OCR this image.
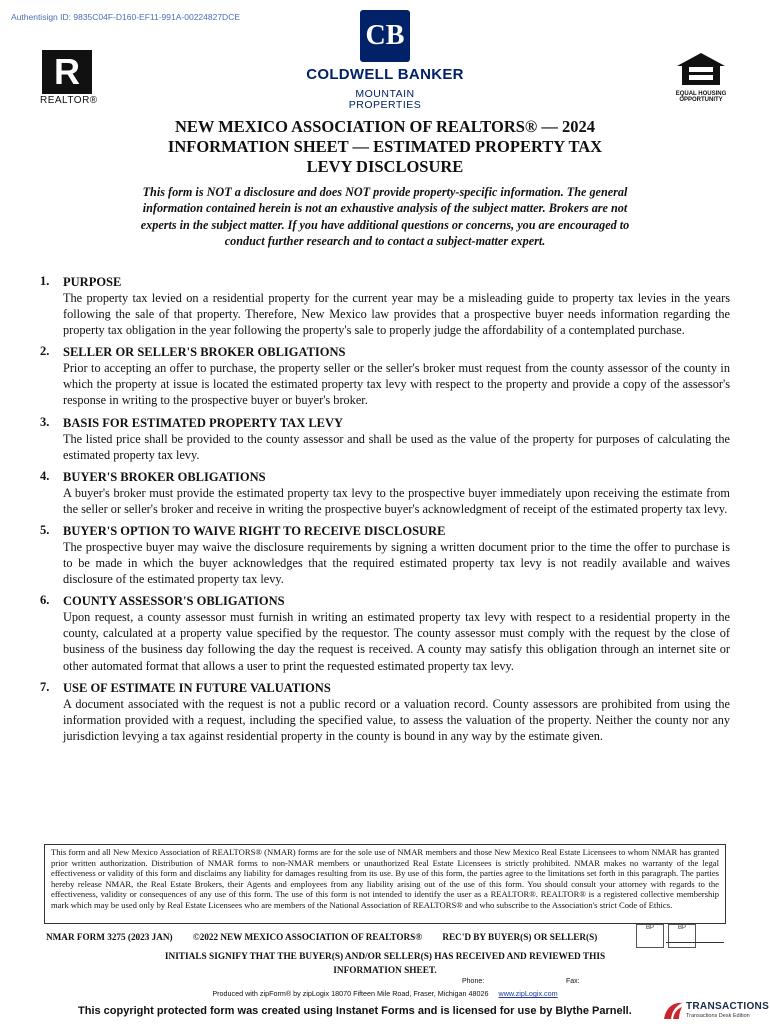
Authentisign ID: 9835C04F-D160-EF11-991A-00224827DCE
R
REALTOR®
CB
COLDWELL BANKER
MOUNTAIN
PROPERTIES
EQUAL HOUSING
OPPORTUNITY
NEW MEXICO ASSOCIATION OF REALTORS® — 2024
INFORMATION SHEET — ESTIMATED PROPERTY TAX
LEVY DISCLOSURE
This form is NOT a disclosure and does NOT provide property-specific information. The general information contained herein is not an exhaustive analysis of the subject matter. Brokers are not experts in the subject matter. If you have additional questions or concerns, you are encouraged to conduct further research and to contact a subject-matter expert.
1. PURPOSE
The property tax levied on a residential property for the current year may be a misleading guide to property tax levies in the years following the sale of that property. Therefore, New Mexico law provides that a prospective buyer needs information regarding the property tax obligation in the year following the property's sale to properly judge the affordability of a contemplated purchase.
2. SELLER OR SELLER'S BROKER OBLIGATIONS
Prior to accepting an offer to purchase, the property seller or the seller's broker must request from the county assessor of the county in which the property at issue is located the estimated property tax levy with respect to the property and provide a copy of the assessor's response in writing to the prospective buyer or buyer's broker.
3. BASIS FOR ESTIMATED PROPERTY TAX LEVY
The listed price shall be provided to the county assessor and shall be used as the value of the property for purposes of calculating the estimated property tax levy.
4. BUYER'S BROKER OBLIGATIONS
A buyer's broker must provide the estimated property tax levy to the prospective buyer immediately upon receiving the estimate from the seller or seller's broker and receive in writing the prospective buyer's acknowledgment of receipt of the estimated property tax levy.
5. BUYER'S OPTION TO WAIVE RIGHT TO RECEIVE DISCLOSURE
The prospective buyer may waive the disclosure requirements by signing a written document prior to the time the offer to purchase is to be made in which the buyer acknowledges that the required estimated property tax levy is not readily available and waives disclosure of the estimated property tax levy.
6. COUNTY ASSESSOR'S OBLIGATIONS
Upon request, a county assessor must furnish in writing an estimated property tax levy with respect to a residential property in the county, calculated at a property value specified by the requestor. The county assessor must comply with the request by the close of business of the business day following the day the request is received. A county may satisfy this obligation through an internet site or other automated format that allows a user to print the requested estimated property tax levy.
7. USE OF ESTIMATE IN FUTURE VALUATIONS
A document associated with the request is not a public record or a valuation record. County assessors are prohibited from using the information provided with a request, including the specified value, to assess the valuation of the property. Neither the county nor any jurisdiction levying a tax against residential property in the county is bound in any way by the estimate given.
This form and all New Mexico Association of REALTORS® (NMAR) forms are for the sole use of NMAR members and those New Mexico Real Estate Licensees to whom NMAR has granted prior written authorization. Distribution of NMAR forms to non-NMAR members or unauthorized Real Estate Licensees is strictly prohibited. NMAR makes no warranty of the legal effectiveness or validity of this form and disclaims any liability for damages resulting from its use. By use of this form, the parties agree to the limitations set forth in this paragraph. The parties hereby release NMAR, the Real Estate Brokers, their Agents and employees from any liability arising out of the use of this form. You should consult your attorney with regards to the effectiveness, validity or consequences of any use of this form. The use of this form is not intended to identify the user as a REALTOR®. REALTOR® is a registered collective membership mark which may be used only by Real Estate Licensees who are members of the National Association of REALTORS® and who subscribe to the Association's strict Code of Ethics.
NMAR FORM 3275 (2023 JAN) ©2022 NEW MEXICO ASSOCIATION OF REALTORS® REC'D BY BUYER(S) OR SELLER(S)
BP	BP
INITIALS SIGNIFY THAT THE BUYER(S) AND/OR SELLER(S) HAS RECEIVED AND REVIEWED THIS INFORMATION SHEET.
Phone:	Fax:
Produced with zipForm® by zipLogix 18070 Fifteen Mile Road, Fraser, Michigan 48026 www.zipLogix.com
This copyright protected form was created using Instanet Forms and is licensed for use by Blythe Parnell.	TRANSACTIONS
Transactions Desk Edition
